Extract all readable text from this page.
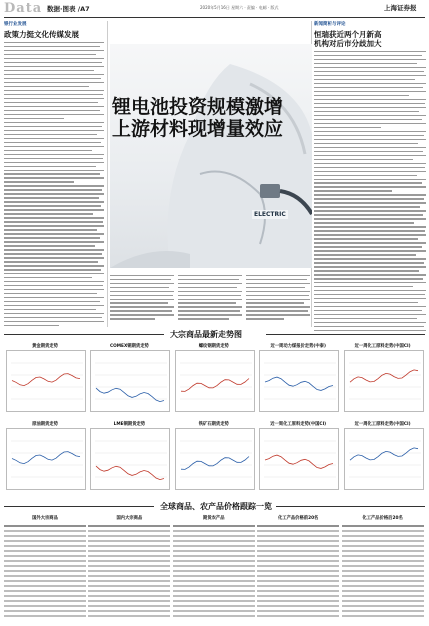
Data 数据·图表 /A7	2020年5月16日 星期六 · 责编 · 电邮 · 版式	上海证券报
银行业发展
政策力挺文化传媒发展
锂电池投资规模激增
上游材料现增量效应
ELECTRIC
新闻简析与评论
恒瑞获近两个月新高
机构对后市分歧加大
大宗商品最新走势图
黄金期货走势	COMEX铜期货走势	螺纹钢期货走势	近一周动力煤报价走势(中泰)	近一周化工原料走势(中国CI)
原油期货走势	LME铜期货走势	铁矿石期货走势	近一周化工原料走势(中国CI)	近一周化工原料走势(中国CI)
全球商品、农产品价格跟踪一览
国外大宗商品	国内大宗商品	期货农产品	化工产品价格前20名	化工产品价格后20名
